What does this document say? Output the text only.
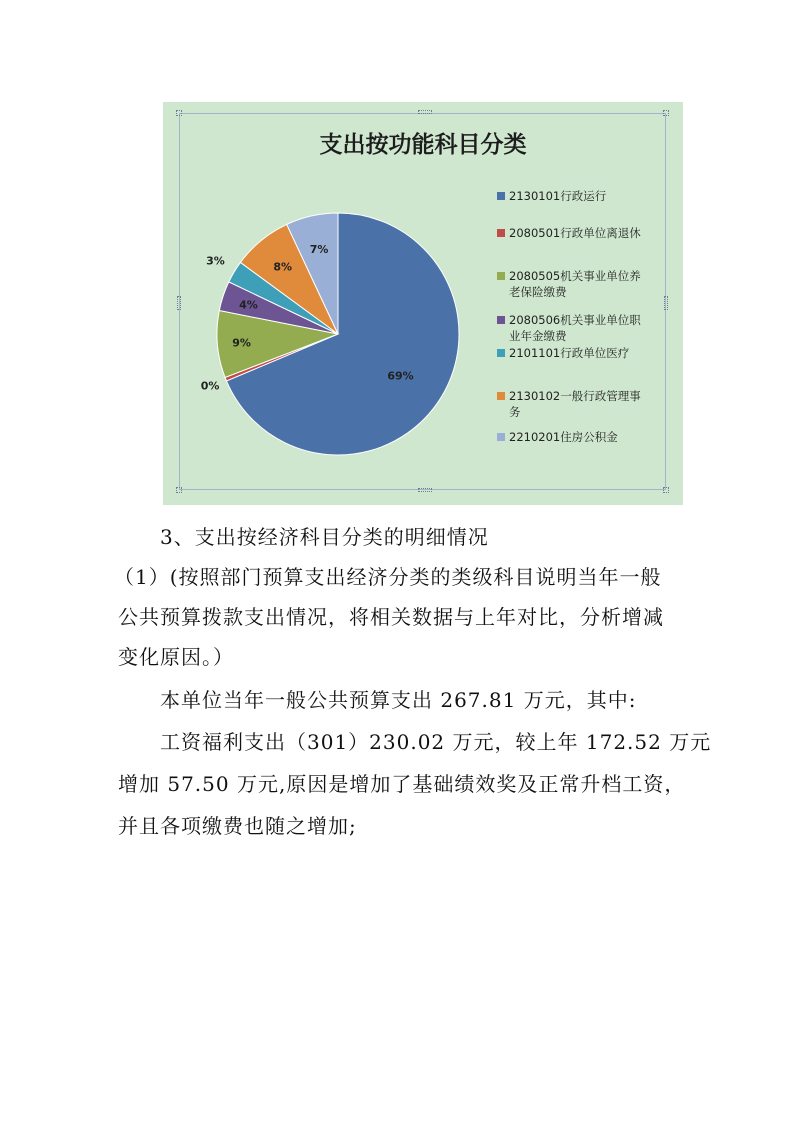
支出按功能科目分类
69%
0%
9%
4%
3%	8%
7%
2130101行政运行
2080501行政单位离退休
2080505机关事业单位养
老保险缴费
2080506机关事业单位职
业年金缴费
2101101行政单位医疗
2130102一般行政管理事
务
2210201住房公积金
3、支出按经济科目分类的明细情况
（1）(按照部门预算支出经济分类的类级科目说明当年一般
公共预算拨款支出情况，将相关数据与上年对比，分析增减
变化原因。）
本单位当年一般公共预算支出 267.81 万元，其中:
工资福利支出（301）230.02 万元，较上年 172.52 万元
增加 57.50 万元,原因是增加了基础绩效奖及正常升档工资，
并且各项缴费也随之增加;
